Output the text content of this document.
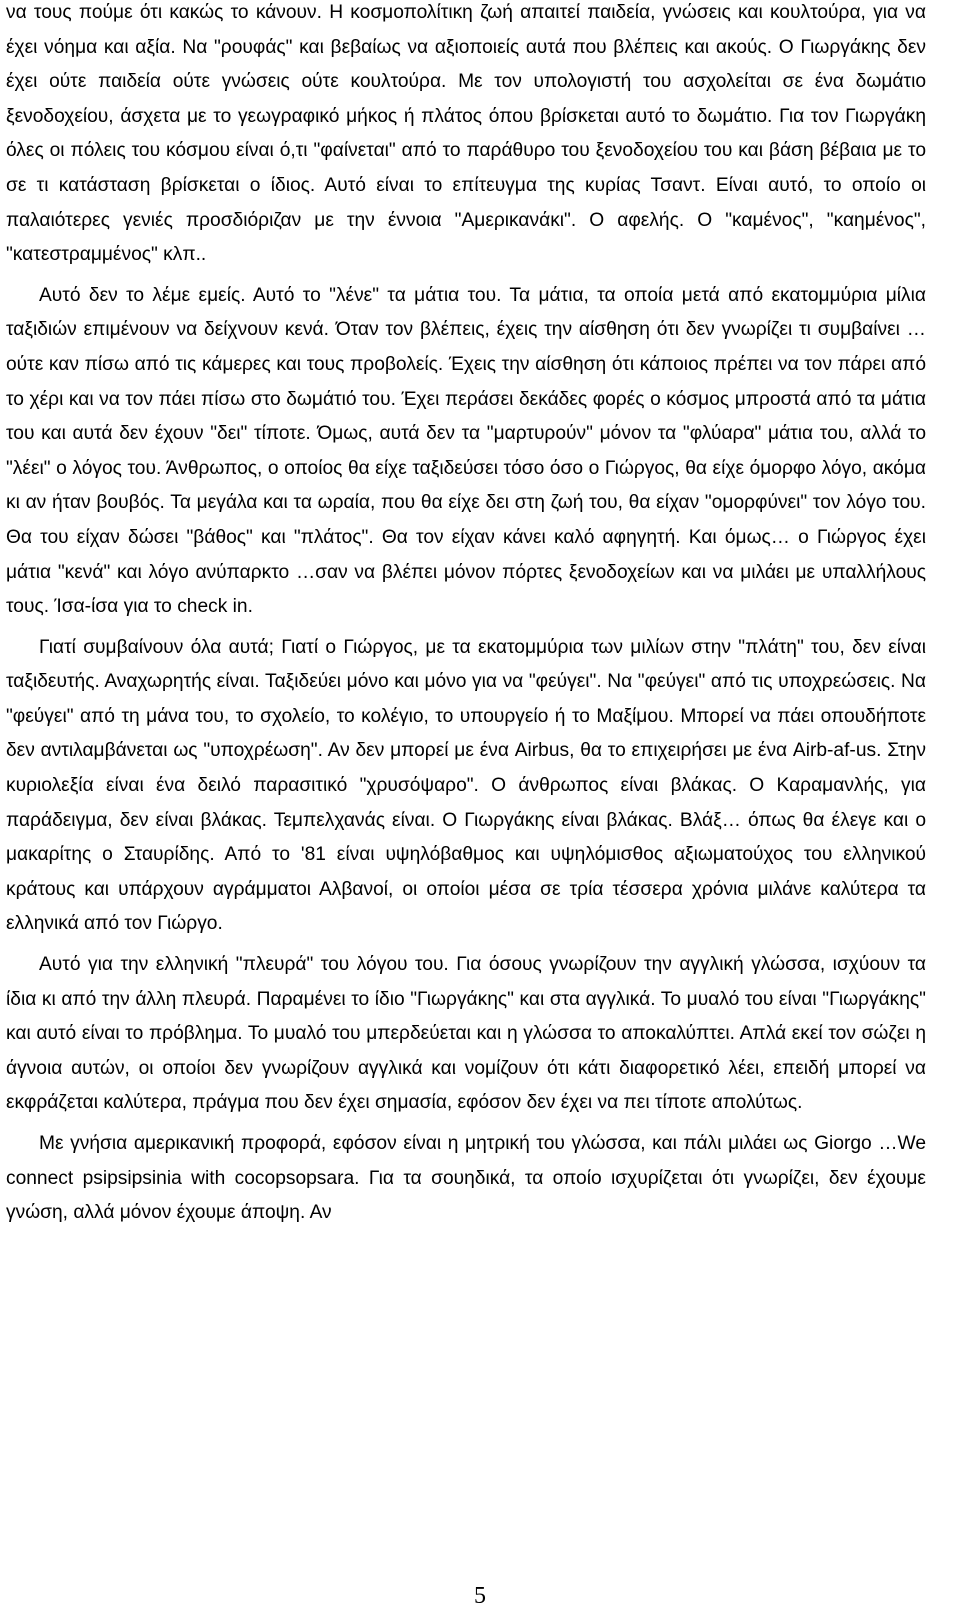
να τους πούμε ότι κακώς το κάνουν. Η κοσμοπολίτικη ζωή απαιτεί παιδεία, γνώσεις και κουλτούρα, για να έχει νόημα και αξία. Να "ρουφάς" και βεβαίως να αξιοποιείς αυτά που βλέπεις και ακούς. Ο Γιωργάκης δεν έχει ούτε παιδεία ούτε γνώσεις ούτε κουλτούρα. Με τον υπολογιστή του ασχολείται σε ένα δωμάτιο ξενοδοχείου, άσχετα με το γεωγραφικό μήκος ή πλάτος όπου βρίσκεται αυτό το δωμάτιο. Για τον Γιωργάκη όλες οι πόλεις του κόσμου είναι ό,τι "φαίνεται" από το παράθυρο του ξενοδοχείου του και βάση βέβαια με το σε τι κατάσταση βρίσκεται ο ίδιος. Αυτό είναι το επίτευγμα της κυρίας Τσαντ. Είναι αυτό, το οποίο οι παλαιότερες γενιές προσδιόριζαν με την έννοια "Αμερικανάκι". Ο αφελής. Ο "καμένος", "καημένος", "κατεστραμμένος" κλπ..

Αυτό δεν το λέμε εμείς. Αυτό το "λένε" τα μάτια του. Τα μάτια, τα οποία μετά από εκατομμύρια μίλια ταξιδιών επιμένουν να δείχνουν κενά. Όταν τον βλέπεις, έχεις την αίσθηση ότι δεν γνωρίζει τι συμβαίνει …ούτε καν πίσω από τις κάμερες και τους προβολείς. Έχεις την αίσθηση ότι κάποιος πρέπει να τον πάρει από το χέρι και να τον πάει πίσω στο δωμάτιό του. Έχει περάσει δεκάδες φορές ο κόσμος μπροστά από τα μάτια του και αυτά δεν έχουν "δει" τίποτε. Όμως, αυτά δεν τα "μαρτυρούν" μόνον τα "φλύαρα" μάτια του, αλλά το "λέει" ο λόγος του. Άνθρωπος, ο οποίος θα είχε ταξιδεύσει τόσο όσο ο Γιώργος, θα είχε όμορφο λόγο, ακόμα κι αν ήταν βουβός. Τα μεγάλα και τα ωραία, που θα είχε δει στη ζωή του, θα είχαν "ομορφύνει" τον λόγο του. Θα του είχαν δώσει "βάθος" και "πλάτος". Θα τον είχαν κάνει καλό αφηγητή. Και όμως… ο Γιώργος έχει μάτια "κενά" και λόγο ανύπαρκτο …σαν να βλέπει μόνον πόρτες ξενοδοχείων και να μιλάει με υπαλλήλους τους. Ίσα-ίσα για το check in.

Γιατί συμβαίνουν όλα αυτά; Γιατί ο Γιώργος, με τα εκατομμύρια των μιλίων στην "πλάτη" του, δεν είναι ταξιδευτής. Αναχωρητής είναι. Ταξιδεύει μόνο και μόνο για να "φεύγει". Να "φεύγει" από τις υποχρεώσεις. Να "φεύγει" από τη μάνα του, το σχολείο, το κολέγιο, το υπουργείο ή το Μαξίμου. Μπορεί να πάει οπουδήποτε δεν αντιλαμβάνεται ως "υποχρέωση". Αν δεν μπορεί με ένα Airbus, θα το επιχειρήσει με ένα Airb-af-us. Στην κυριολεξία είναι ένα δειλό παρασιτικό "χρυσόψαρο". Ο άνθρωπος είναι βλάκας. Ο Καραμανλής, για παράδειγμα, δεν είναι βλάκας. Τεμπελχανάς είναι. Ο Γιωργάκης είναι βλάκας. Βλάξ… όπως θα έλεγε και ο μακαρίτης ο Σταυρίδης. Από το '81 είναι υψηλόβαθμος και υψηλόμισθος αξιωματούχος του ελληνικού κράτους και υπάρχουν αγράμματοι Αλβανοί, οι οποίοι μέσα σε τρία τέσσερα χρόνια μιλάνε καλύτερα τα ελληνικά από τον Γιώργο.

Αυτό για την ελληνική "πλευρά" του λόγου του. Για όσους γνωρίζουν την αγγλική γλώσσα, ισχύουν τα ίδια κι από την άλλη πλευρά. Παραμένει το ίδιο "Γιωργάκης" και στα αγγλικά. Το μυαλό του είναι "Γιωργάκης" και αυτό είναι το πρόβλημα. Το μυαλό του μπερδεύεται και η γλώσσα το αποκαλύπτει. Απλά εκεί τον σώζει η άγνοια αυτών, οι οποίοι δεν γνωρίζουν αγγλικά και νομίζουν ότι κάτι διαφορετικό λέει, επειδή μπορεί να εκφράζεται καλύτερα, πράγμα που δεν έχει σημασία, εφόσον δεν έχει να πει τίποτε απολύτως.

Με γνήσια αμερικανική προφορά, εφόσον είναι η μητρική του γλώσσα, και πάλι μιλάει ως Giorgo …We connect psipsipsinia with cocopsopsara. Για τα σουηδικά, τα οποίο ισχυρίζεται ότι γνωρίζει, δεν έχουμε γνώση, αλλά μόνον έχουμε άποψη. Αν

5
